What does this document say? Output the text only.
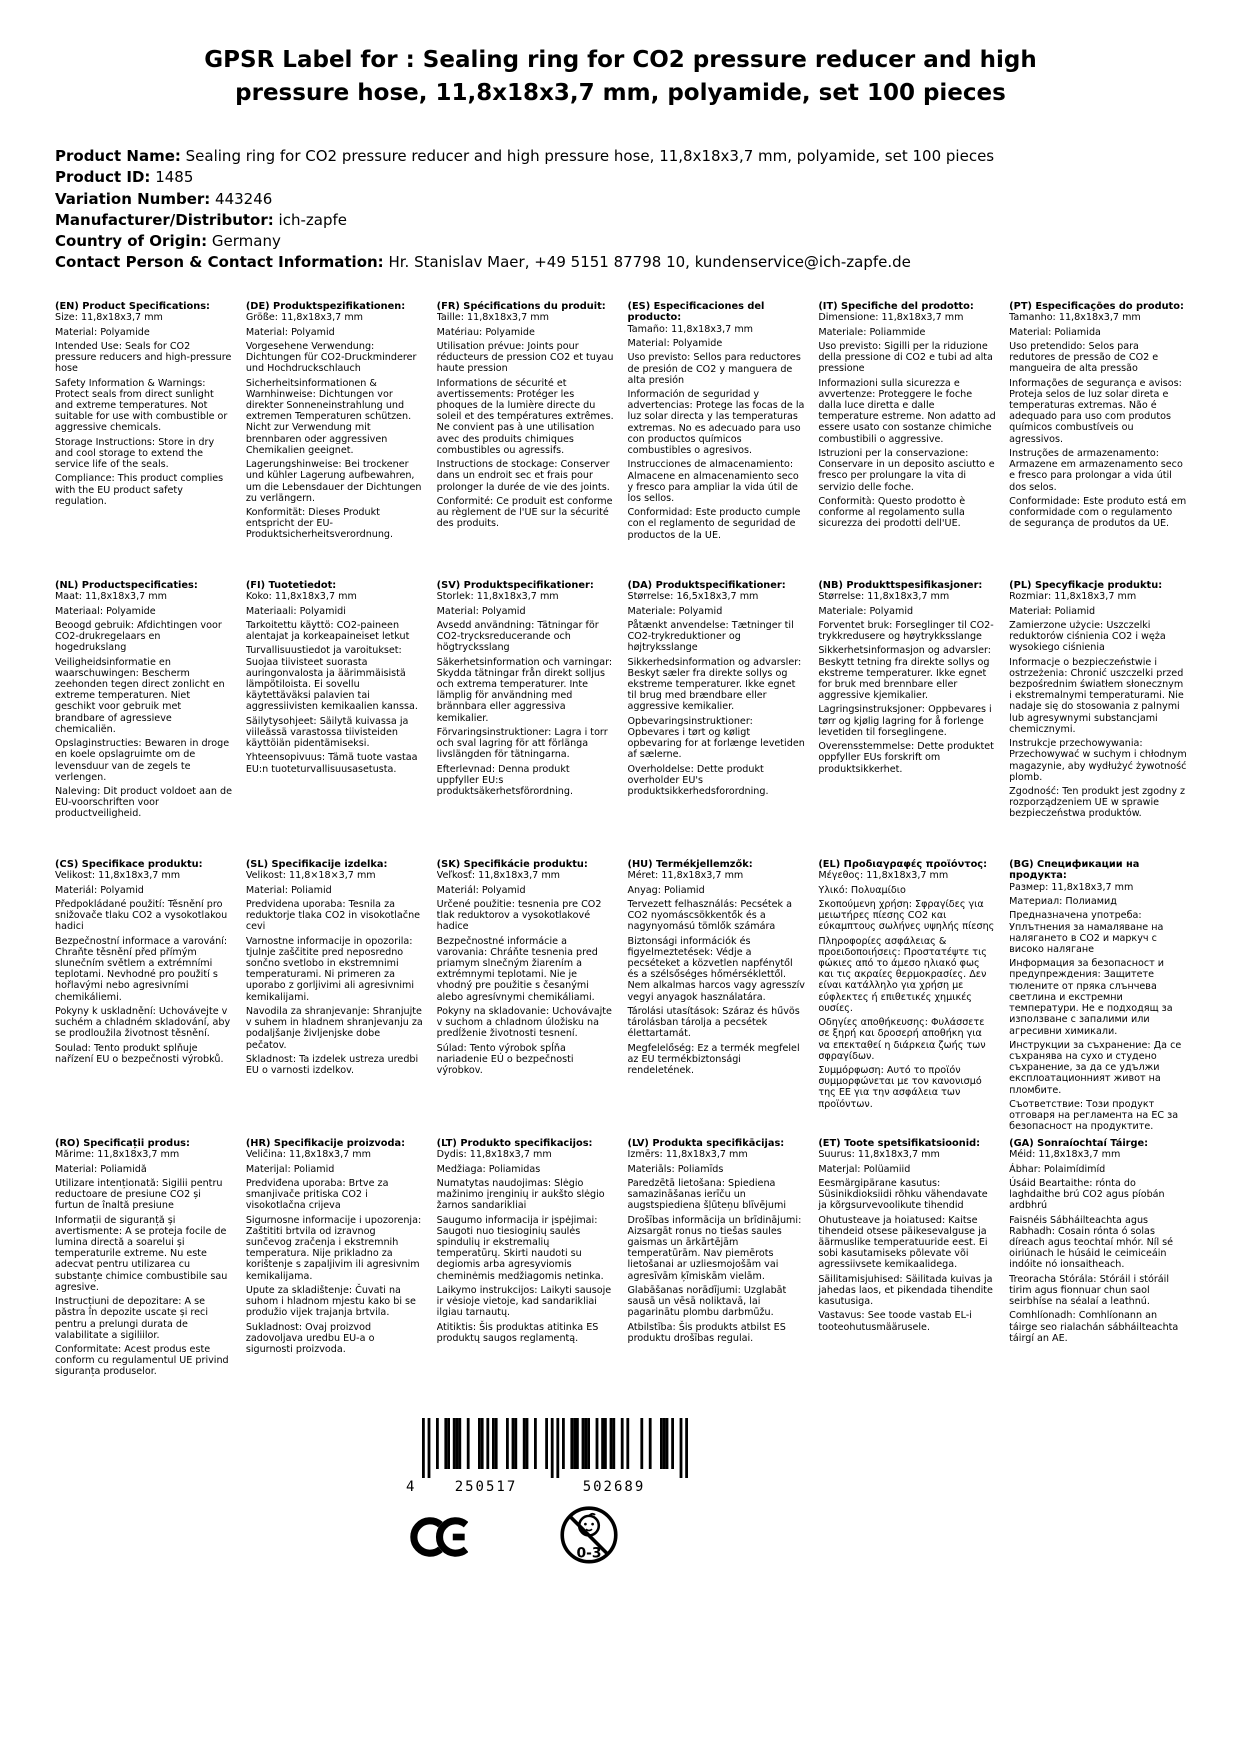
GPSR Label for : Sealing ring for CO2 pressure reducer and high pressure hose, 11,8x18x3,7 mm, polyamide, set 100 pieces
Product Name: Sealing ring for CO2 pressure reducer and high pressure hose, 11,8x18x3,7 mm, polyamide, set 100 pieces
Product ID: 1485
Variation Number: 443246
Manufacturer/Distributor: ich-zapfe
Country of Origin: Germany
Contact Person & Contact Information: Hr. Stanislav Maer, +49 5151 87798 10, kundenservice@ich-zapfe.de
(EN) Product Specifications:

Size: 11,8x18x3,7 mm

Material: Polyamide

Intended Use: Seals for CO2 pressure reducers and high-pressure hose

Safety Information & Warnings: Protect seals from direct sunlight and extreme temperatures. Not suitable for use with combustible or aggressive chemicals.

Storage Instructions: Store in dry and cool storage to extend the service life of the seals.

Compliance: This product complies with the EU product safety regulation.

(DE) Produktspezifikationen:

Größe: 11,8x18x3,7 mm

Material: Polyamid

Vorgesehene Verwendung: Dichtungen für CO2-Druckminderer und Hochdruckschlauch

Sicherheitsinformationen & Warnhinweise: Dichtungen vor direkter Sonneneinstrahlung und extremen Temperaturen schützen. Nicht zur Verwendung mit brennbaren oder aggressiven Chemikalien geeignet.

Lagerungshinweise: Bei trockener und kühler Lagerung aufbewahren, um die Lebensdauer der Dichtungen zu verlängern.

Konformität: Dieses Produkt entspricht der EU-Produktsicherheitsverordnung.

(FR) Spécifications du produit:

Taille: 11,8x18x3,7 mm

Matériau: Polyamide

Utilisation prévue: Joints pour réducteurs de pression CO2 et tuyau haute pression

Informations de sécurité et avertissements: Protéger les phoques de la lumière directe du soleil et des températures extrêmes. Ne convient pas à une utilisation avec des produits chimiques combustibles ou agressifs.

Instructions de stockage: Conserver dans un endroit sec et frais pour prolonger la durée de vie des joints.

Conformité: Ce produit est conforme au règlement de l'UE sur la sécurité des produits.

(ES) Especificaciones del producto:

Tamaño: 11,8x18x3,7 mm

Material: Polyamide

Uso previsto: Sellos para reductores de presión de CO2 y manguera de alta presión

Información de seguridad y advertencias: Protege las focas de la luz solar directa y las temperaturas extremas. No es adecuado para uso con productos químicos combustibles o agresivos.

Instrucciones de almacenamiento: Almacene en almacenamiento seco y fresco para ampliar la vida útil de los sellos.

Conformidad: Este producto cumple con el reglamento de seguridad de productos de la UE.

(IT) Specifiche del prodotto:

Dimensione: 11,8x18x3,7 mm

Materiale: Poliammide

Uso previsto: Sigilli per la riduzione della pressione di CO2 e tubi ad alta pressione

Informazioni sulla sicurezza e avvertenze: Proteggere le foche dalla luce diretta e dalle temperature estreme. Non adatto ad essere usato con sostanze chimiche combustibili o aggressive.

Istruzioni per la conservazione: Conservare in un deposito asciutto e fresco per prolungare la vita di servizio delle foche.

Conformità: Questo prodotto è conforme al regolamento sulla sicurezza dei prodotti dell'UE.

(PT) Especificações do produto:

Tamanho: 11,8x18x3,7 mm

Material: Poliamida

Uso pretendido: Selos para redutores de pressão de CO2 e mangueira de alta pressão

Informações de segurança e avisos: Proteja selos de luz solar direta e temperaturas extremas. Não é adequado para uso com produtos químicos combustíveis ou agressivos.

Instruções de armazenamento: Armazene em armazenamento seco e fresco para prolongar a vida útil dos selos.

Conformidade: Este produto está em conformidade com o regulamento de segurança de produtos da UE.

(NL) Productspecificaties:

Maat: 11,8x18x3,7 mm

Materiaal: Polyamide

Beoogd gebruik: Afdichtingen voor CO2-drukregelaars en hogedrukslang

Veiligheidsinformatie en waarschuwingen: Bescherm zeehonden tegen direct zonlicht en extreme temperaturen. Niet geschikt voor gebruik met brandbare of agressieve chemicaliën.

Opslaginstructies: Bewaren in droge en koele opslagruimte om de levensduur van de zegels te verlengen.

Naleving: Dit product voldoet aan de EU-voorschriften voor productveiligheid.

(FI) Tuotetiedot:

Koko: 11,8x18x3,7 mm

Materiaali: Polyamidi

Tarkoitettu käyttö: CO2-paineen alentajat ja korkeapaineiset letkut

Turvallisuustiedot ja varoitukset: Suojaa tiivisteet suorasta auringonvalosta ja äärimmäisistä lämpötiloista. Ei sovellu käytettäväksi palavien tai aggressiivisten kemikaalien kanssa.

Säilytysohjeet: Säilytä kuivassa ja viileässä varastossa tiivisteiden käyttöiän pidentämiseksi.

Yhteensopivuus: Tämä tuote vastaa EU:n tuoteturvallisuusasetusta.

(SV) Produktspecifikationer:

Storlek: 11,8x18x3,7 mm

Material: Polyamid

Avsedd användning: Tätningar för CO2-trycksreducerande och högtrycksslang

Säkerhetsinformation och varningar: Skydda tätningar från direkt solljus och extrema temperaturer. Inte lämplig för användning med brännbara eller aggressiva kemikalier.

Förvaringsinstruktioner: Lagra i torr och sval lagring för att förlänga livslängden för tätningarna.

Efterlevnad: Denna produkt uppfyller EU:s produktsäkerhetsförordning.

(DA) Produktspecifikationer:

Størrelse: 16,5x18x3,7 mm

Materiale: Polyamid

Påtænkt anvendelse: Tætninger til CO2-trykreduktioner og højtryksslange

Sikkerhedsinformation og advarsler: Beskyt sæler fra direkte sollys og ekstreme temperaturer. Ikke egnet til brug med brændbare eller aggressive kemikalier.

Opbevaringsinstruktioner: Opbevares i tørt og køligt opbevaring for at forlænge levetiden af sælerne.

Overholdelse: Dette produkt overholder EU's produktsikkerhedsforordning.

(NB) Produkttspesifikasjoner:

Størrelse: 11,8x18x3,7 mm

Materiale: Polyamid

Forventet bruk: Forseglinger til CO2-trykkredusere og høytrykksslange

Sikkerhetsinformasjon og advarsler: Beskytt tetning fra direkte sollys og ekstreme temperaturer. Ikke egnet for bruk med brennbare eller aggressive kjemikalier.

Lagringsinstruksjoner: Oppbevares i tørr og kjølig lagring for å forlenge levetiden til forseglingene.

Overensstemmelse: Dette produktet oppfyller EUs forskrift om produktsikkerhet.

(PL) Specyfikacje produktu:

Rozmiar: 11,8x18x3,7 mm

Materiał: Poliamid

Zamierzone użycie: Uszczelki reduktorów ciśnienia CO2 i węża wysokiego ciśnienia

Informacje o bezpieczeństwie i ostrzeżenia: Chronić uszczelki przed bezpośrednim światłem słonecznym i ekstremalnymi temperaturami. Nie nadaje się do stosowania z palnymi lub agresywnymi substancjami chemicznymi.

Instrukcje przechowywania: Przechowywać w suchym i chłodnym magazynie, aby wydłużyć żywotność plomb.

Zgodność: Ten produkt jest zgodny z rozporządzeniem UE w sprawie bezpieczeństwa produktów.

(CS) Specifikace produktu:

Velikost: 11,8x18x3,7 mm

Materiál: Polyamid

Předpokládané použití: Těsnění pro snižovače tlaku CO2 a vysokotlakou hadici

Bezpečnostní informace a varování: Chraňte těsnění před přímým slunečním světlem a extrémními teplotami. Nevhodné pro použití s hořlavými nebo agresivními chemikáliemi.

Pokyny k uskladnění: Uchovávejte v suchém a chladném skladování, aby se prodloužila životnost těsnění.

Soulad: Tento produkt splňuje nařízení EU o bezpečnosti výrobků.

(SL) Specifikacije izdelka:

Velikost: 11,8×18×3,7 mm

Material: Poliamid

Predvidena uporaba: Tesnila za reduktorje tlaka CO2 in visokotlačne cevi

Varnostne informacije in opozorila: tjulnje zaščitite pred neposredno sončno svetlobo in ekstremnimi temperaturami. Ni primeren za uporabo z gorljivimi ali agresivnimi kemikalijami.

Navodila za shranjevanje: Shranjujte v suhem in hladnem shranjevanju za podaljšanje življenjske dobe pečatov.

Skladnost: Ta izdelek ustreza uredbi EU o varnosti izdelkov.

(SK) Špecifikácie produktu:

Veľkosť: 11,8x18x3,7 mm

Materiál: Polyamid

Určené použitie: tesnenia pre CO2 tlak reduktorov a vysokotlakové hadice

Bezpečnostné informácie a varovania: Chráňte tesnenia pred priamym slnečným žiarením a extrémnymi teplotami. Nie je vhodný pre použitie s česanými alebo agresívnymi chemikáliami.

Pokyny na skladovanie: Uchovávajte v suchom a chladnom úložisku na predĺženie životnosti tesnení.

Súlad: Tento výrobok spĺňa nariadenie EÚ o bezpečnosti výrobkov.

(HU) Termékjellemzők:

Méret: 11,8x18x3,7 mm

Anyag: Poliamid

Tervezett felhasználás: Pecsétek a CO2 nyomáscsökkentők és a nagynyomású tömlők számára

Biztonsági információk és figyelmeztetések: Védje a pecséteket a közvetlen napfénytől és a szélsőséges hőmérséklettől. Nem alkalmas harcos vagy agresszív vegyi anyagok használatára.

Tárolási utasítások: Száraz és hűvös tárolásban tárolja a pecsétek élettartamát.

Megfelelőség: Ez a termék megfelel az EU termékbiztonsági rendeletének.

(EL) Προδιαγραφές προϊόντος:

Μέγεθος: 11,8x18x3,7 mm

Υλικό: Πολυαμίδιο

Σκοπούμενη χρήση: Σφραγίδες για μειωτήρες πίεσης CO2 και εύκαμπτους σωλήνες υψηλής πίεσης

Πληροφορίες ασφάλειας & προειδοποιήσεις: Προστατέψτε τις φώκιες από το άμεσο ηλιακό φως και τις ακραίες θερμοκρασίες. Δεν είναι κατάλληλο για χρήση με εύφλεκτες ή επιθετικές χημικές ουσίες.

Οδηγίες αποθήκευσης: Φυλάσσετε σε ξηρή και δροσερή αποθήκη για να επεκταθεί η διάρκεια ζωής των σφραγίδων.

Συμμόρφωση: Αυτό το προϊόν συμμορφώνεται με τον κανονισμό της ΕΕ για την ασφάλεια των προϊόντων.

(BG) Спецификации на продукта:

Размер: 11,8x18x3,7 mm

Материал: Полиамид

Предназначена употреба: Уплътнения за намаляване на налягането в CO2 и маркуч с високо налягане

Информация за безопасност и предупреждения: Защитете тюлените от пряка слънчева светлина и екстремни температури. Не е подходящ за използване с запалими или агресивни химикали.

Инструкции за съхранение: Да се съхранява на сухо и студено съхранение, за да се удължи експлоатационният живот на пломбите.

Съответствие: Този продукт отговаря на регламента на ЕС за безопасност на продуктите.

(RO) Specificații produs:

Mărime: 11,8x18x3,7 mm

Material: Poliamidă

Utilizare intenționată: Sigilii pentru reductoare de presiune CO2 și furtun de înaltă presiune

Informații de siguranță și avertismente: A se proteja focile de lumina directă a soarelui și temperaturile extreme. Nu este adecvat pentru utilizarea cu substanțe chimice combustibile sau agresive.

Instrucțiuni de depozitare: A se păstra în depozite uscate și reci pentru a prelungi durata de valabilitate a sigiliilor.

Conformitate: Acest produs este conform cu regulamentul UE privind siguranța produselor.

(HR) Specifikacije proizvoda:

Veličina: 11,8x18x3,7 mm

Materijal: Poliamid

Predviđena uporaba: Brtve za smanjivače pritiska CO2 i visokotlačna crijeva

Sigurnosne informacije i upozorenja: Zaštititi brtvila od izravnog sunčevog zračenja i ekstremnih temperatura. Nije prikladno za korištenje s zapaljivim ili agresivnim kemikalijama.

Upute za skladištenje: Čuvati na suhom i hladnom mjestu kako bi se produžio vijek trajanja brtvila.

Sukladnost: Ovaj proizvod zadovoljava uredbu EU-a o sigurnosti proizvoda.

(LT) Produkto specifikacijos:

Dydis: 11,8x18x3,7 mm

Medžiaga: Poliamidas

Numatytas naudojimas: Slėgio mažinimo įrenginių ir aukšto slėgio žarnos sandarikliai

Saugumo informacija ir įspėjimai: Saugoti nuo tiesioginių saulės spindulių ir ekstremalių temperatūrų. Skirti naudoti su degiomis arba agresyviomis cheminėmis medžiagomis netinka.

Laikymo instrukcijos: Laikyti sausoje ir vėsioje vietoje, kad sandarikliai ilgiau tarnautų.

Atitiktis: Šis produktas atitinka ES produktų saugos reglamentą.

(LV) Produkta specifikācijas:

Izmērs: 11,8x18x3,7 mm

Materiāls: Poliamīds

Paredzētā lietošana: Spiediena samazināšanas ierīču un augstspiediena šļūteņu blīvējumi

Drošības informācija un brīdinājumi: Aizsargāt ronus no tiešas saules gaismas un ārkārtējām temperatūrām. Nav piemērots lietošanai ar uzliesmojošām vai agresīvām ķīmiskām vielām.

Glabāšanas norādījumi: Uzglabāt sausā un vēsā noliktavā, lai pagarinātu plombu darbmūžu.

Atbilstība: Šis produkts atbilst ES produktu drošības regulai.

(ET) Toote spetsifikatsioonid:

Suurus: 11,8x18x3,7 mm

Materjal: Polüamiid

Eesmärgipärane kasutus: Süsinikdioksiidi rõhku vähendavate ja kõrgsurvevoolikute tihendid

Ohutusteave ja hoiatused: Kaitse tihendeid otsese päikesevalguse ja äärmuslike temperatuuride eest. Ei sobi kasutamiseks põlevate või agressiivsete kemikaalidega.

Säilitamisjuhised: Säilitada kuivas ja jahedas laos, et pikendada tihendite kasutusiga.

Vastavus: See toode vastab EL-i tooteohutusmäärusele.

(GA) Sonraíochtaí Táirge:

Méid: 11,8x18x3,7 mm

Ábhar: Polaimídimíd

Úsáid Beartaithe: rónta do laghdaithe brú CO2 agus píobán ardbhrú

Faisnéis Sábháilteachta agus Rabhadh: Cosain rónta ó solas díreach agus teochtaí mhór. Níl sé oiriúnach le húsáid le ceimiceáin indóite nó ionsaitheach.

Treoracha Stórála: Stóráil i stóráil tirim agus fionnuar chun saol seirbhíse na séalaí a leathnú.

Comhlíonadh: Comhlíonann an táirge seo rialachán sábháilteachta táirgí an AE.

4	250517	502689
0-3
